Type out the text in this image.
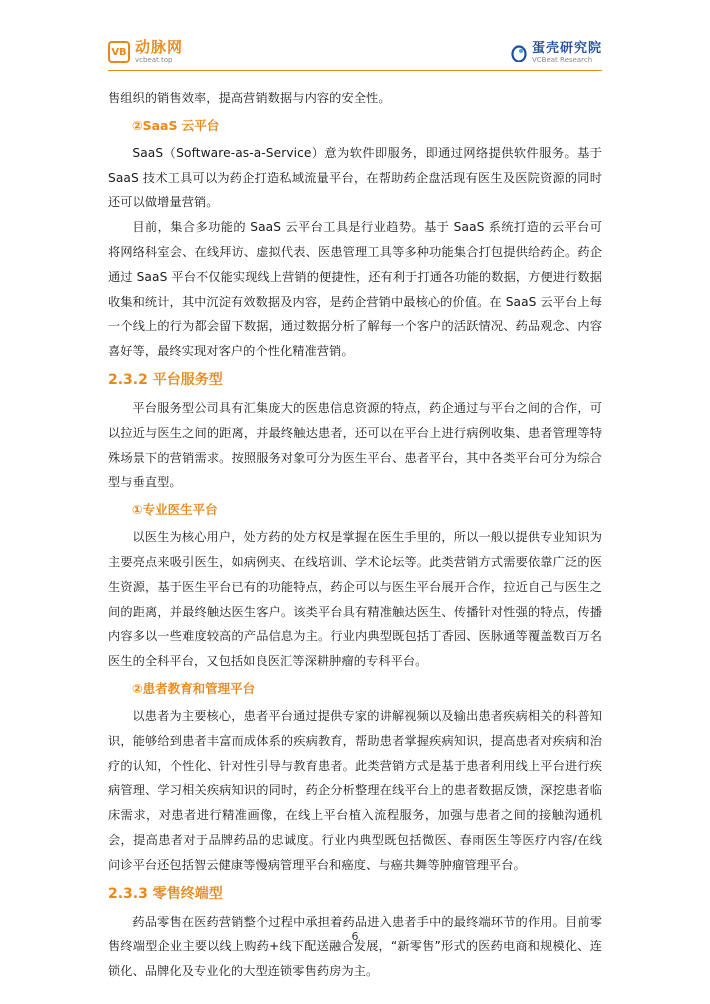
VB 动脉网
vcbeat.top
蛋壳研究院
VCBeat Research

售组织的销售效率，提高营销数据与内容的安全性。

②SaaS 云平台

SaaS（Software-as-a-Service）意为软件即服务，即通过网络提供软件服务。基于 SaaS 技术工具可以为药企打造私域流量平台，在帮助药企盘活现有医生及医院资源的同时还可以做增量营销。

目前，集合多功能的 SaaS 云平台工具是行业趋势。基于 SaaS 系统打造的云平台可将网络科室会、在线拜访、虚拟代表、医患管理工具等多种功能集合打包提供给药企。药企通过 SaaS 平台不仅能实现线上营销的便捷性，还有利于打通各功能的数据，方便进行数据收集和统计，其中沉淀有效数据及内容，是药企营销中最核心的价值。在 SaaS 云平台上每一个线上的行为都会留下数据，通过数据分析了解每一个客户的活跃情况、药品观念、内容喜好等，最终实现对客户的个性化精准营销。

2.3.2 平台服务型

平台服务型公司具有汇集庞大的医患信息资源的特点，药企通过与平台之间的合作，可以拉近与医生之间的距离，并最终触达患者，还可以在平台上进行病例收集、患者管理等特殊场景下的营销需求。按照服务对象可分为医生平台、患者平台，其中各类平台可分为综合型与垂直型。

①专业医生平台

以医生为核心用户，处方药的处方权是掌握在医生手里的，所以一般以提供专业知识为主要亮点来吸引医生，如病例夹、在线培训、学术论坛等。此类营销方式需要依靠广泛的医生资源，基于医生平台已有的功能特点，药企可以与医生平台展开合作，拉近自己与医生之间的距离，并最终触达医生客户。该类平台具有精准触达医生、传播针对性强的特点，传播内容多以一些难度较高的产品信息为主。行业内典型既包括丁香园、医脉通等覆盖数百万名医生的全科平台，又包括如良医汇等深耕肿瘤的专科平台。

②患者教育和管理平台

以患者为主要核心，患者平台通过提供专家的讲解视频以及输出患者疾病相关的科普知识，能够给到患者丰富而成体系的疾病教育，帮助患者掌握疾病知识，提高患者对疾病和治疗的认知，个性化、针对性引导与教育患者。此类营销方式是基于患者利用线上平台进行疾病管理、学习相关疾病知识的同时，药企分析整理在线平台上的患者数据反馈，深挖患者临床需求，对患者进行精准画像，在线上平台植入流程服务，加强与患者之间的接触沟通机会，提高患者对于品牌药品的忠诚度。行业内典型既包括微医、春雨医生等医疗内容/在线问诊平台还包括智云健康等慢病管理平台和癌度、与癌共舞等肿瘤管理平台。

2.3.3 零售终端型

药品零售在医药营销整个过程中承担着药品进入患者手中的最终端环节的作用。目前零售终端型企业主要以线上购药+线下配送融合发展，“新零售”形式的医药电商和规模化、连锁化、品牌化及专业化的大型连锁零售药房为主。

6
